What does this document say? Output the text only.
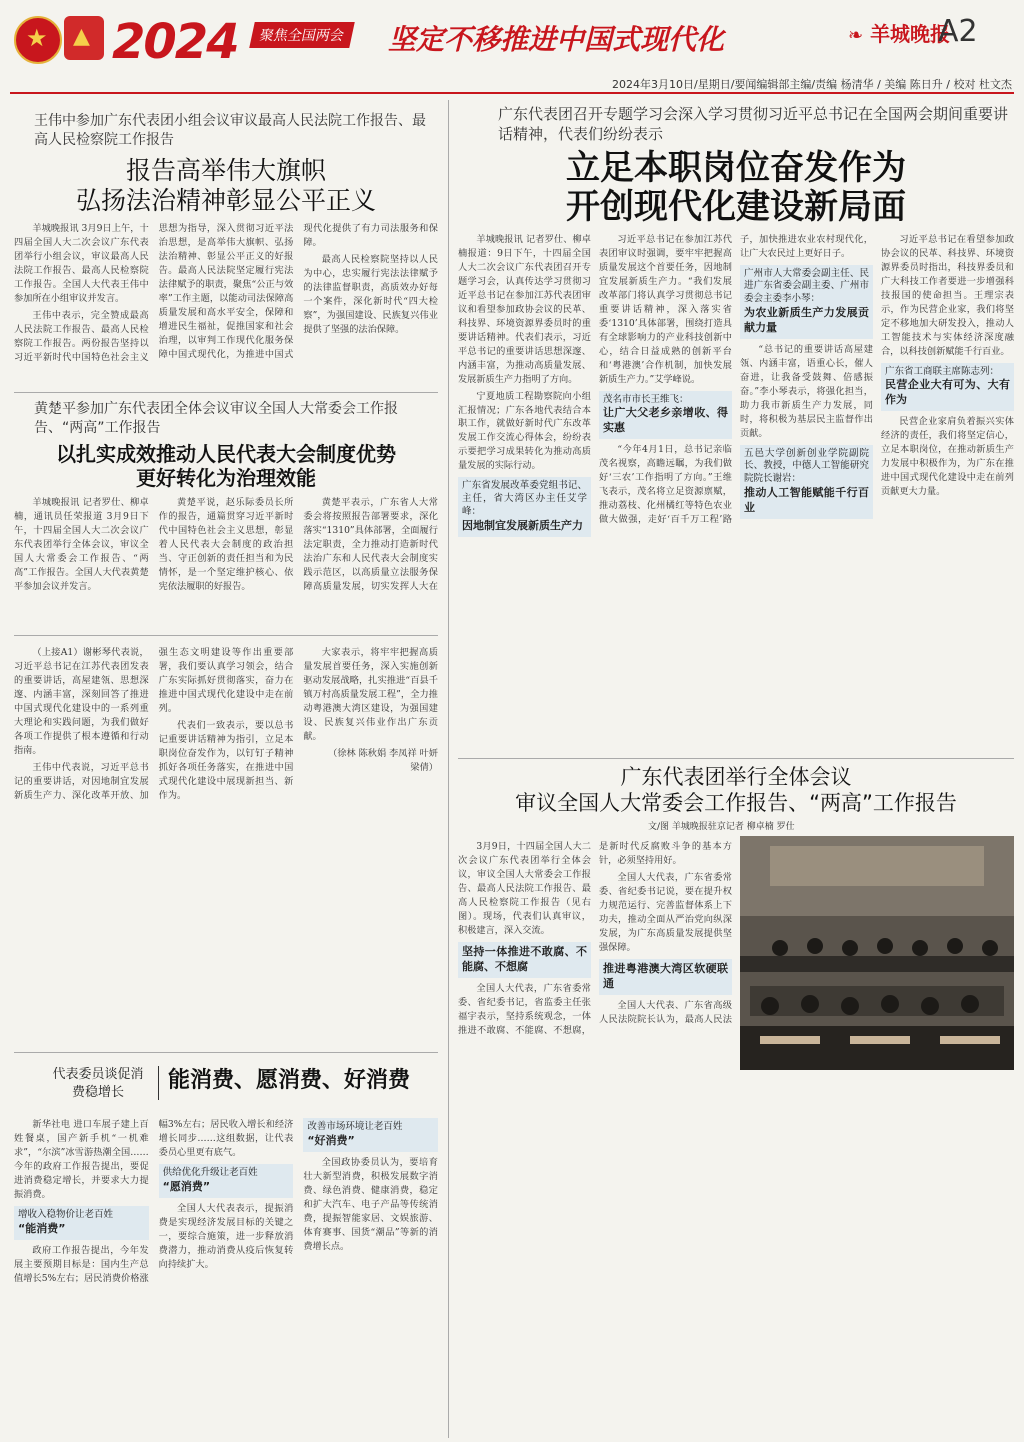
★
▲
2024	聚焦全国两会	坚定不移推进中国式现代化	❧ 羊城晚报
A2
2024年3月10日/星期日/要闻编辑部主编/责编 杨清华 / 美编 陈日升 / 校对 杜文杰
王伟中参加广东代表团小组会议审议最高人民法院工作报告、最高人民检察院工作报告
报告高举伟大旗帜
弘扬法治精神彰显公平正义

羊城晚报讯 3月9日上午，十四届全国人大二次会议广东代表团举行小组会议，审议最高人民法院工作报告、最高人民检察院工作报告。全国人大代表王伟中参加所在小组审议并发言。

王伟中表示，完全赞成最高人民法院工作报告、最高人民检察院工作报告。两份报告坚持以习近平新时代中国特色社会主义思想为指导，深入贯彻习近平法治思想，是高举伟大旗帜、弘扬法治精神、彰显公平正义的好报告。最高人民法院坚定履行宪法法律赋予的职责，聚焦“公正与效率”工作主题，以能动司法保障高质量发展和高水平安全，保障和增进民生福祉，促推国家和社会治理，以审判工作现代化服务保障中国式现代化，为推进中国式现代化提供了有力司法服务和保障。

最高人民检察院坚持以人民为中心，忠实履行宪法法律赋予的法律监督职责，高质效办好每一个案件，深化新时代“四大检察”，为强国建设、民族复兴伟业提供了坚强的法治保障。

黄楚平参加广东代表团全体会议审议全国人大常委会工作报告、“两高”工作报告
以扎实成效推动人民代表大会制度优势
更好转化为治理效能

羊城晚报讯 记者罗仕、柳卓楠，通讯员任荣报道 3月9日下午，十四届全国人大二次会议广东代表团举行全体会议，审议全国人大常委会工作报告、“两高”工作报告。全国人大代表黄楚平参加会议并发言。

黄楚平说，赵乐际委员长所作的报告，通篇贯穿习近平新时代中国特色社会主义思想，彰显着人民代表大会制度的政治担当、守正创新的责任担当和为民情怀，是一个坚定维护核心、依宪依法履职的好报告。

黄楚平表示，广东省人大常委会将按照报告部署要求，深化落实“1310”具体部署，全面履行法定职责，全力推动打造新时代法治广东和人民代表大会制度实践示范区，以高质量立法服务保障高质量发展，切实发挥人大在

（上接A1）谢彬琴代表说，习近平总书记在江苏代表团发表的重要讲话，高屋建瓴、思想深邃、内涵丰富，深刻回答了推进中国式现代化建设中的一系列重大理论和实践问题，为我们做好各项工作提供了根本遵循和行动指南。

王伟中代表说，习近平总书记的重要讲话，对因地制宜发展新质生产力、深化改革开放、加强生态文明建设等作出重要部署，我们要认真学习领会，结合广东实际抓好贯彻落实，奋力在推进中国式现代化建设中走在前列。

代表们一致表示，要以总书记重要讲话精神为指引，立足本职岗位奋发作为，以钉钉子精神抓好各项任务落实，在推进中国式现代化建设中展现新担当、新作为。

大家表示，将牢牢把握高质量发展首要任务，深入实施创新驱动发展战略，扎实推进“百县千镇万村高质量发展工程”，全力推动粤港澳大湾区建设，为强国建设、民族复兴伟业作出广东贡献。

（徐林 陈秋娟 李凤祥 叶妍 梁倩）

代表委员谈促消费稳增长	能消费、愿消费、好消费

新华社电 进口车展子建上百姓餐桌，国产新手机“一机难求”，“尔滨”冰雪游热潮全国……今年的政府工作报告提出，要促进消费稳定增长，并要求大力提振消费。

增收入稳物价让老百姓
“能消费”

政府工作报告提出，今年发展主要预期目标是：国内生产总值增长5%左右；居民消费价格涨幅3%左右；居民收入增长和经济增长同步……这组数据，让代表委员心里更有底气。

供给优化升级让老百姓
“愿消费”

全国人大代表表示，提振消费是实现经济发展目标的关键之一，要综合施策，进一步释放消费潜力，推动消费从疫后恢复转向持续扩大。

改善市场环境让老百姓
“好消费”

全国政协委员认为，要培育壮大新型消费，积极发展数字消费、绿色消费、健康消费，稳定和扩大汽车、电子产品等传统消费，提振智能家居、文娱旅游、体育赛事、国货“潮品”等新的消费增长点。

广东代表团召开专题学习会深入学习贯彻习近平总书记在全国两会期间重要讲话精神，代表们纷纷表示
立足本职岗位奋发作为
开创现代化建设新局面

羊城晚报讯 记者罗仕、柳卓楠报道：9日下午，十四届全国人大二次会议广东代表团召开专题学习会，认真传达学习贯彻习近平总书记在参加江苏代表团审议和看望参加政协会议的民革、科技界、环境资源界委员时的重要讲话精神。代表们表示，习近平总书记的重要讲话思想深邃、内涵丰富，为推动高质量发展、发展新质生产力指明了方向。

宁夏地质工程勘察院向小组汇报情况；广东各地代表结合本职工作，就做好新时代广东改革发展工作交流心得体会，纷纷表示要把学习成果转化为推动高质量发展的实际行动。

广东省发展改革委党组书记、主任，省大湾区办主任艾学峰：
因地制宜发展新质生产力

习近平总书记在参加江苏代表团审议时强调，要牢牢把握高质量发展这个首要任务，因地制宜发展新质生产力。“我们发展改革部门将认真学习贯彻总书记重要讲话精神，深入落实省委‘1310’具体部署，围绕打造具有全球影响力的产业科技创新中心，结合日益成熟的创新平台和‘粤港澳’合作机制，加快发展新质生产力。”艾学峰说。

茂名市市长王维飞：
让广大父老乡亲增收、得实惠

“今年4月1日，总书记亲临茂名视察，高瞻远瞩，为我们做好‘三农’工作指明了方向。”王维飞表示，茂名将立足资源禀赋，推动荔枝、化州橘红等特色农业做大做强，走好‘百千万工程’路子，加快推进农业农村现代化，让广大农民过上更好日子。

广州市人大常委会副主任、民进广东省委会副主委、广州市委会主委李小琴：
为农业新质生产力发展贡献力量

“总书记的重要讲话高屋建瓴、内涵丰富，语重心长，催人奋进，让我备受鼓舞、倍感振奋。”李小琴表示，将强化担当，助力我市新质生产力发展，同时，将积极为基层民主监督作出贡献。

五邑大学创新创业学院副院长、教授，中德人工智能研究院院长谢岩：
推动人工智能赋能千行百业

习近平总书记在看望参加政协会议的民革、科技界、环境资源界委员时指出，科技界委员和广大科技工作者要进一步增强科技报国的使命担当。王理宗表示，作为民营企业家，我们将坚定不移地加大研发投入，推动人工智能技术与实体经济深度融合，以科技创新赋能千行百业。

广东省工商联主席陈志列：
民营企业大有可为、大有作为

民营企业家肩负着振兴实体经济的责任，我们将坚定信心，立足本职岗位，在推动新质生产力发展中积极作为，为广东在推进中国式现代化建设中走在前列贡献更大力量。

广东代表团举行全体会议
审议全国人大常委会工作报告、“两高”工作报告
文/图 羊城晚报驻京记者 柳卓楠 罗仕

3月9日，十四届全国人大二次会议广东代表团举行全体会议，审议全国人大常委会工作报告、最高人民法院工作报告、最高人民检察院工作报告（见右图）。现场，代表们认真审议，积极建言，深入交流。

坚持一体推进不敢腐、不能腐、不想腐

全国人大代表，广东省委常委、省纪委书记，省监委主任张福宇表示，坚持系统观念，一体推进不敢腐、不能腐、不想腐，是新时代反腐败斗争的基本方针，必须坚持用好。

全国人大代表，广东省委常委、省纪委书记说，要在提升权力规范运行、完善监督体系上下功夫，推动全面从严治党向纵深发展，为广东高质量发展提供坚强保障。

推进粤港澳大湾区软硬联通

全国人大代表、广东省高级人民法院院长认为，最高人民法
